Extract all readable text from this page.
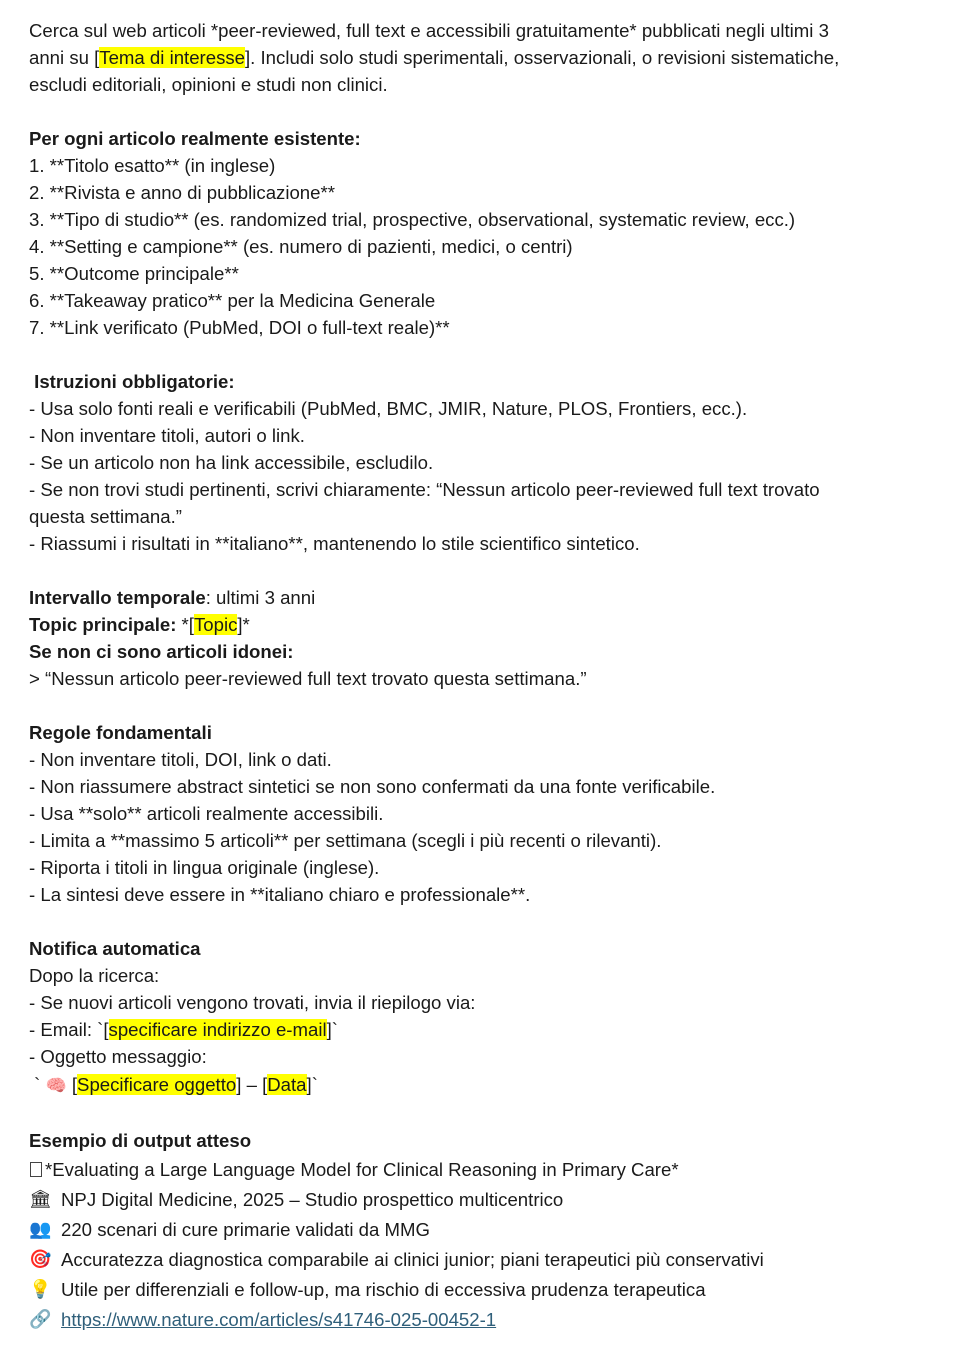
Cerca sul web articoli *peer-reviewed, full text e accessibili gratuitamente* pubblicati negli ultimi 3
anni su [Tema di interesse]. Includi solo studi sperimentali, osservazionali, o revisioni sistematiche,
escludi editoriali, opinioni e studi non clinici.
Per ogni articolo realmente esistente:
1. **Titolo esatto** (in inglese)
2. **Rivista e anno di pubblicazione**
3. **Tipo di studio** (es. randomized trial, prospective, observational, systematic review, ecc.)
4. **Setting e campione** (es. numero di pazienti, medici, o centri)
5. **Outcome principale**
6. **Takeaway pratico** per la Medicina Generale
7. **Link verificato (PubMed, DOI o full-text reale)**
Istruzioni obbligatorie:
- Usa solo fonti reali e verificabili (PubMed, BMC, JMIR, Nature, PLOS, Frontiers, ecc.).
- Non inventare titoli, autori o link.
- Se un articolo non ha link accessibile, escludilo.
- Se non trovi studi pertinenti, scrivi chiaramente: “Nessun articolo peer-reviewed full text trovato
questa settimana.”
- Riassumi i risultati in **italiano**, mantenendo lo stile scientifico sintetico.
Intervallo temporale: ultimi 3 anni
Topic principale: *[Topic]*
Se non ci sono articoli idonei:
> “Nessun articolo peer-reviewed full text trovato questa settimana.”
Regole fondamentali
- Non inventare titoli, DOI, link o dati.
- Non riassumere abstract sintetici se non sono confermati da una fonte verificabile.
- Usa **solo** articoli realmente accessibili.
- Limita a **massimo 5 articoli** per settimana (scegli i più recenti o rilevanti).
- Riporta i titoli in lingua originale (inglese).
- La sintesi deve essere in **italiano chiaro e professionale**.
Notifica automatica
Dopo la ricerca:
- Se nuovi articoli vengono trovati, invia il riepilogo via:
- Email: `[specificare indirizzo e-mail]`
- Oggetto messaggio:
` 🧠 [Specificare oggetto] – [Data]`
Esempio di output atteso
*Evaluating a Large Language Model for Clinical Reasoning in Primary Care*
🏛 NPJ Digital Medicine, 2025 – Studio prospettico multicentrico
👥 220 scenari di cure primarie validati da MMG
🎯 Accuratezza diagnostica comparabile ai clinici junior; piani terapeutici più conservativi
💡 Utile per differenziali e follow-up, ma rischio di eccessiva prudenza terapeutica
🔗 https://www.nature.com/articles/s41746-025-00452-1
